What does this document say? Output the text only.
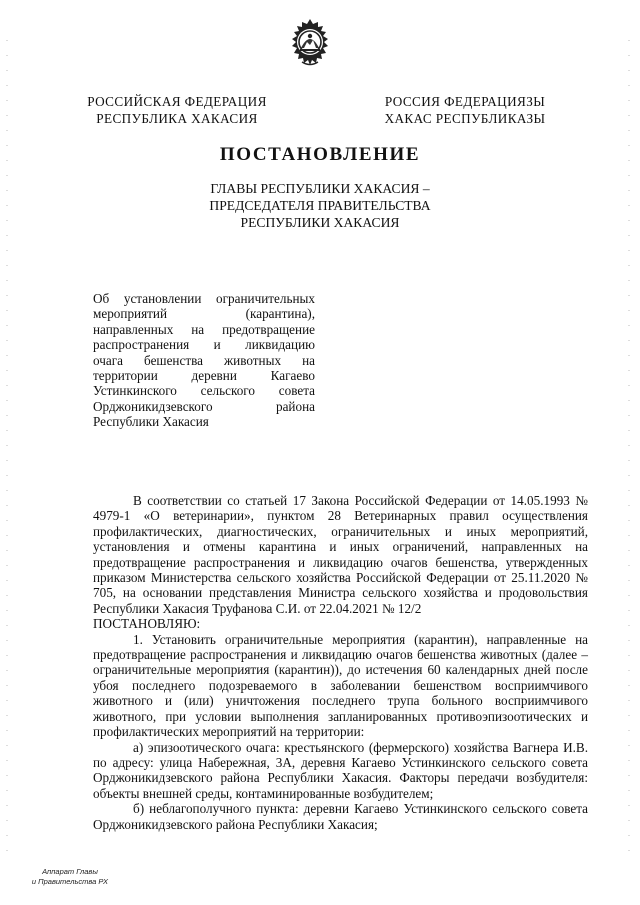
РОССИЙСКАЯ ФЕДЕРАЦИЯ
РЕСПУБЛИКА ХАКАСИЯ
РОССИЯ ФЕДЕРАЦИЯЗЫ
ХАКАС РЕСПУБЛИКАЗЫ
ПОСТАНОВЛЕНИЕ
ГЛАВЫ РЕСПУБЛИКИ ХАКАСИЯ –
ПРЕДСЕДАТЕЛЯ ПРАВИТЕЛЬСТВА
РЕСПУБЛИКИ ХАКАСИЯ
Об установлении ограничительных
мероприятий (карантина),
направленных на предотвращение
распространения и ликвидацию
очага бешенства животных на
территории деревни Кагаево
Устинкинского сельского совета
Орджоникидзевского района
Республики Хакасия

В соответствии со статьей 17 Закона Российской Федерации от 14.05.1993 № 4979-1 «О ветеринарии», пунктом 28 Ветеринарных правил осуществления профилактических, диагностических, ограничительных и иных мероприятий, установления и отмены карантина и иных ограничений, направленных на предотвращение распространения и ликвидацию очагов бешенства, утвержденных приказом Министерства сельского хозяйства Российской Федерации от 25.11.2020 № 705, на основании представления Министра сельского хозяйства и продовольствия Республики Хакасия Труфанова С.И. от 22.04.2021 № 12/2

ПОСТАНОВЛЯЮ:

1. Установить ограничительные мероприятия (карантин), направленные на предотвращение распространения и ликвидацию очагов бешенства животных (далее – ограничительные мероприятия (карантин)), до истечения 60 календарных дней после убоя последнего подозреваемого в заболевании бешенством восприимчивого животного и (или) уничтожения последнего трупа больного восприимчивого животного, при условии выполнения запланированных противоэпизоотических и профилактических мероприятий на территории:

а) эпизоотического очага: крестьянского (фермерского) хозяйства Вагнера И.В. по адресу: улица Набережная, 3А, деревня Кагаево Устинкинского сельского совета Орджоникидзевского района Республики Хакасия. Факторы передачи возбудителя: объекты внешней среды, контаминированные возбудителем;

б) неблагополучного пункта: деревни Кагаево Устинкинского сельского совета Орджоникидзевского района Республики Хакасия;

Аппарат Главы
и Правительства РХ
